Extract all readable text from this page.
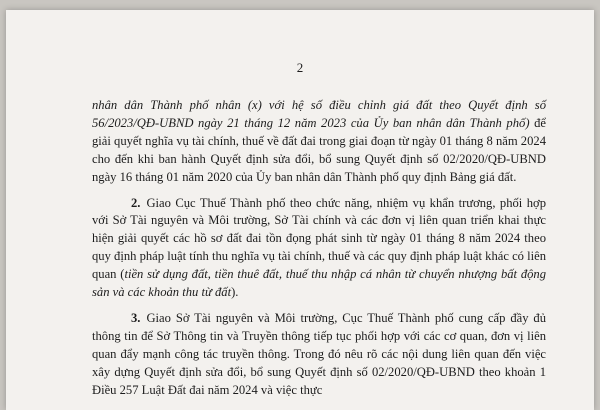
2

nhân dân Thành phố nhân (x) với hệ số điều chỉnh giá đất theo Quyết định số 56/2023/QĐ-UBND ngày 21 tháng 12 năm 2023 của Ủy ban nhân dân Thành phố) để giải quyết nghĩa vụ tài chính, thuế về đất đai trong giai đoạn từ ngày 01 tháng 8 năm 2024 cho đến khi ban hành Quyết định sửa đổi, bổ sung Quyết định số 02/2020/QĐ-UBND ngày 16 tháng 01 năm 2020 của Ủy ban nhân dân Thành phố quy định Bảng giá đất.

2. Giao Cục Thuế Thành phố theo chức năng, nhiệm vụ khẩn trương, phối hợp với Sở Tài nguyên và Môi trường, Sở Tài chính và các đơn vị liên quan triển khai thực hiện giải quyết các hồ sơ đất đai tồn đọng phát sinh từ ngày 01 tháng 8 năm 2024 theo quy định pháp luật tính thu nghĩa vụ tài chính, thuế và các quy định pháp luật khác có liên quan (tiền sử dụng đất, tiền thuê đất, thuế thu nhập cá nhân từ chuyển nhượng bất động sản và các khoản thu từ đất).

3. Giao Sở Tài nguyên và Môi trường, Cục Thuế Thành phố cung cấp đầy đủ thông tin để Sở Thông tin và Truyền thông tiếp tục phối hợp với các cơ quan, đơn vị liên quan đẩy mạnh công tác truyền thông. Trong đó nêu rõ các nội dung liên quan đến việc xây dựng Quyết định sửa đổi, bổ sung Quyết định số 02/2020/QĐ-UBND theo khoản 1 Điều 257 Luật Đất đai năm 2024 và việc thực
